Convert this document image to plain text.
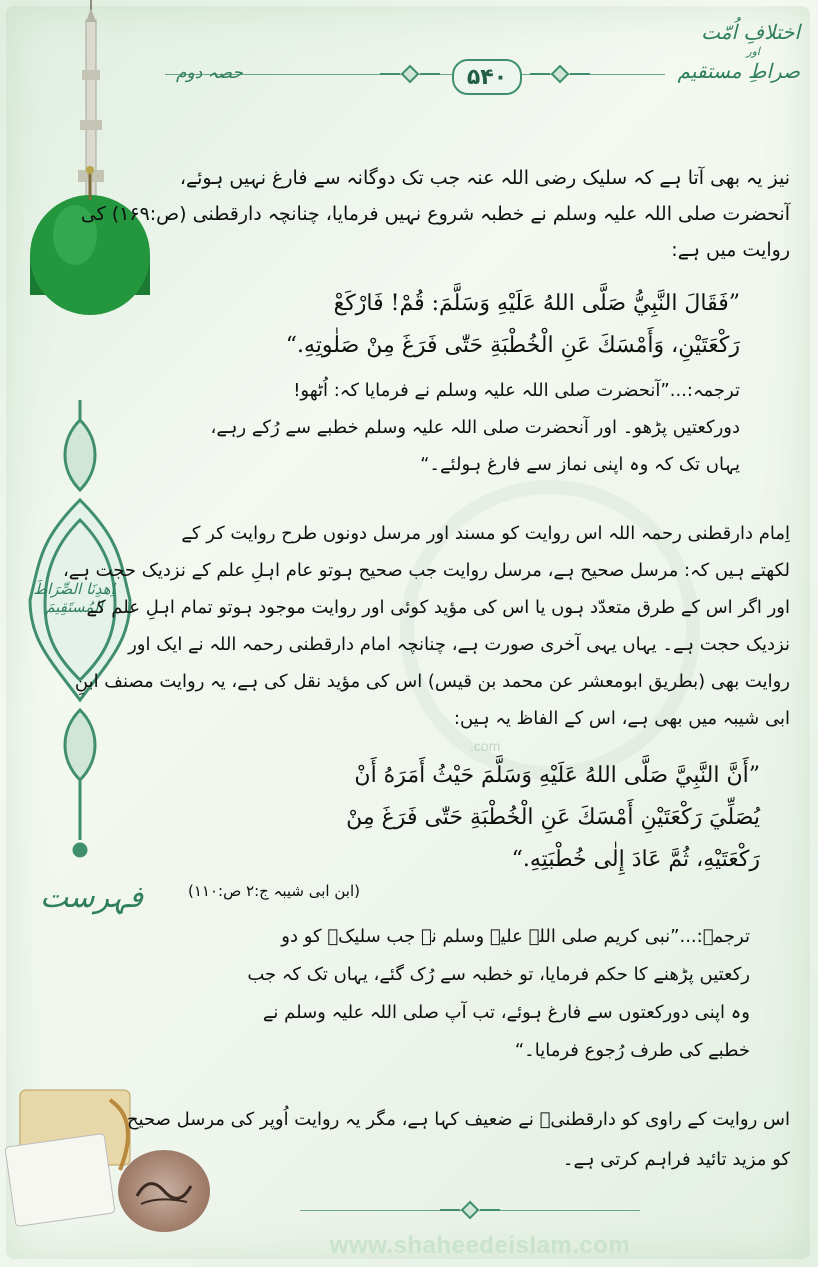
اِهدِنَا الصِّرَاطَ المُستَقِيمَ
فہرست
.com
۵۴۰
حصہ دوم
اختلافِ اُمّت
اور
صراطِ مستقیم
نیز یہ بھی آتا ہے کہ سلیک رضی اللہ عنہ جب تک دوگانہ سے فارغ نہیں ہوئے،
آنحضرت صلی اللہ علیہ وسلم نے خطبہ شروع نہیں فرمایا، چنانچہ دارقطنی (ص:۱۶۹) کی
روایت میں ہے:
”فَقَالَ النَّبِيُّ صَلَّى اللهُ عَلَيْهِ وَسَلَّمَ: قُمْ! فَارْكَعْ
رَكْعَتَيْنِ، وَأَمْسَكَ عَنِ الْخُطْبَةِ حَتّٰى فَرَغَ مِنْ صَلٰوتِهِ.“
ترجمہ:...”آنحضرت صلی اللہ علیہ وسلم نے فرمایا کہ: اُٹھو!
دورکعتیں پڑھو۔ اور آنحضرت صلی اللہ علیہ وسلم خطبے سے رُکے رہے،
یہاں تک کہ وہ اپنی نماز سے فارغ ہولئے۔“
اِمام دارقطنی رحمہ اللہ اس روایت کو مسند اور مرسل دونوں طرح روایت کر کے
لکھتے ہیں کہ: مرسل صحیح ہے، مرسل روایت جب صحیح ہوتو عام اہلِ علم کے نزدیک حجت ہے،
اور اگر اس کے طرق متعدّد ہوں یا اس کی مؤید کوئی اور روایت موجود ہوتو تمام اہلِ علم کے
نزدیک حجت ہے۔ یہاں یہی آخری صورت ہے، چنانچہ امام دارقطنی رحمہ اللہ نے ایک اور
روایت بھی (بطریق ابومعشر عن محمد بن قیس) اس کی مؤید نقل کی ہے، یہ روایت مصنف ابنِ
ابی شیبہ میں بھی ہے، اس کے الفاظ یہ ہیں:
”أَنَّ النَّبِيَّ صَلَّى اللهُ عَلَيْهِ وَسَلَّمَ حَيْثُ أَمَرَهُ أَنْ
يُصَلِّيَ رَكْعَتَيْنِ أَمْسَكَ عَنِ الْخُطْبَةِ حَتّٰى فَرَغَ مِنْ
رَكْعَتَيْهِ، ثُمَّ عَادَ إِلٰى خُطْبَتِهِ.“
(ابن ابی شیبہ ج:۲ ص:۱۱۰)
ترجمہ:...”نبی کریم صلی اللہ علیہ وسلم نے جب سلیکؓ کو دو
رکعتیں پڑھنے کا حکم فرمایا، تو خطبہ سے رُک گئے، یہاں تک کہ جب
وہ اپنی دورکعتوں سے فارغ ہوئے، تب آپ صلی اللہ علیہ وسلم نے
خطبے کی طرف رُجوع فرمایا۔“
اس روایت کے راوی کو دارقطنیؒ نے ضعیف کہا ہے، مگر یہ روایت اُوپر کی مرسل صحیح
کو مزید تائید فراہم کرتی ہے۔
www.shaheedeislam.com
